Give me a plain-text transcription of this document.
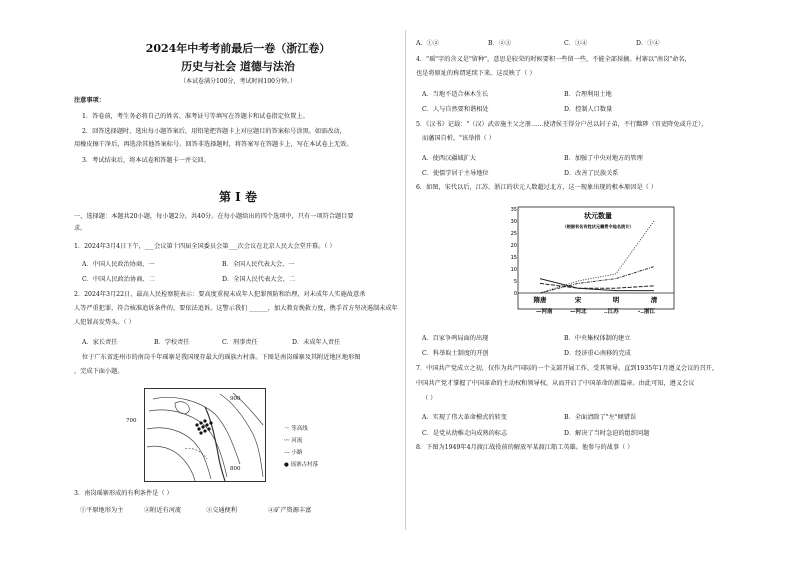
2024年中考考前最后一卷（浙江卷）
历史与社会 道德与法治
（本试卷满分100分，考试时间100分钟。）
注意事项：
1．答卷前，考生务必将自己的姓名、准考证号等填写在答题卡和试卷指定位置上。
2．回答选择题时，选出每小题答案后，用铅笔把答题卡上对应题目的答案标号涂黑。如需改动，
用橡皮擦干净后，再选涂其他答案标号。回答非选择题时，将答案写在答题卡上，写在本试卷上无效。
3．考试结束后，将本试卷和答题卡一并交回。
第 I 卷
一、选择题：本题共20小题，每小题2分，共40分。在每小题给出的四个选项中，只有一项符合题目要
求。
1．2024年3月4日下午，___会议第十四届全国委员会第___次会议在北京人民大会堂开幕。（ ）
A．中国人民政治协商、一	B．全国人民代表大会、一
C．中国人民政治协商、二	D．全国人民代表大会、二
2．2024年3月22日，最高人民检察院表示：要高度重视未成年人犯罪预防和治理，对未成年人实施故意杀
人等严重犯罪，符合核准追诉条件的，要依法追诉。这警示我们 ______，加大教育挽救力度，携手首方坚决遏制未成年
人犯罪高发势头。（ ）
A．家长责任	B．学校责任	C．刑事责任	D．未成年人责任
位于广东省连州市的南岗千年瑶寨是我国现存最大的瑶族古村落。下图是南岗瑶寨及其附近地区地形图
，完成下面小题。
700
900
800
～ 等高线
〰 河流
--- 小路
● 瑶寨古村落
3．南岗瑶寨形成的有利条件是（ ）
①平原地形为主	②附近有河流	③交通便利	④矿产资源丰富
A．①②	B．②③	C．③④	D．①④
4．"瑶"字的含义是"留种"，意思是较荣的时候要积一些留一些，不能全部採摘。村寨以"南岗"命名，
也是将原址的称谓延续下来。这反映了（ ）
A．当地不适合林木生长	B．合理利用土地
C．人与自然要和谐相处	D．控制人口数量
5．《汉书》记载："（汉）武帝施主父之册……使诸侯王得分户邑以封子弟，不行黜陟（官吏降免或升迁），
而藩国自析。"该举措（ ）
A．使西汉疆域扩大	B．加强了中央对地方的管理
C．使儒学居于主导地位	D．改善了民族关系
6．如图，宋代以后，江苏、浙江的状元人数超过北方，这一现象出现的根本原因是（ ）
0
5
10
15
20
25
30
35
隋唐	宋	明	清
状元数量
（根据有名有姓状元籍贯令地名统计）
—河南	—河北	‥江苏	-‥浙江
A．百家争鸣局面的出现	B．中央集权体制的建立
C．科举取士制度的开创	D．经济重心南移的完成
7．中国共产党成立之初，仅作为共产国际的一个支部开展工作，受其领导。直到1935年1月遵义会议的召开，
中国共产党才掌握了中国革命的主动权和领导权，从而开启了中国革命的新篇章。由此可知，遵义会议
（ ）
A．实现了伟大革命模式的转变	B．全面清除了"左"倾错误
C．是党从幼稚走向成熟的标志	D．解决了当时急迫的组织问题
8．下图为1949年4月渡江战役前的解放军某渡江船工英雄。他参与的战事（ ）
